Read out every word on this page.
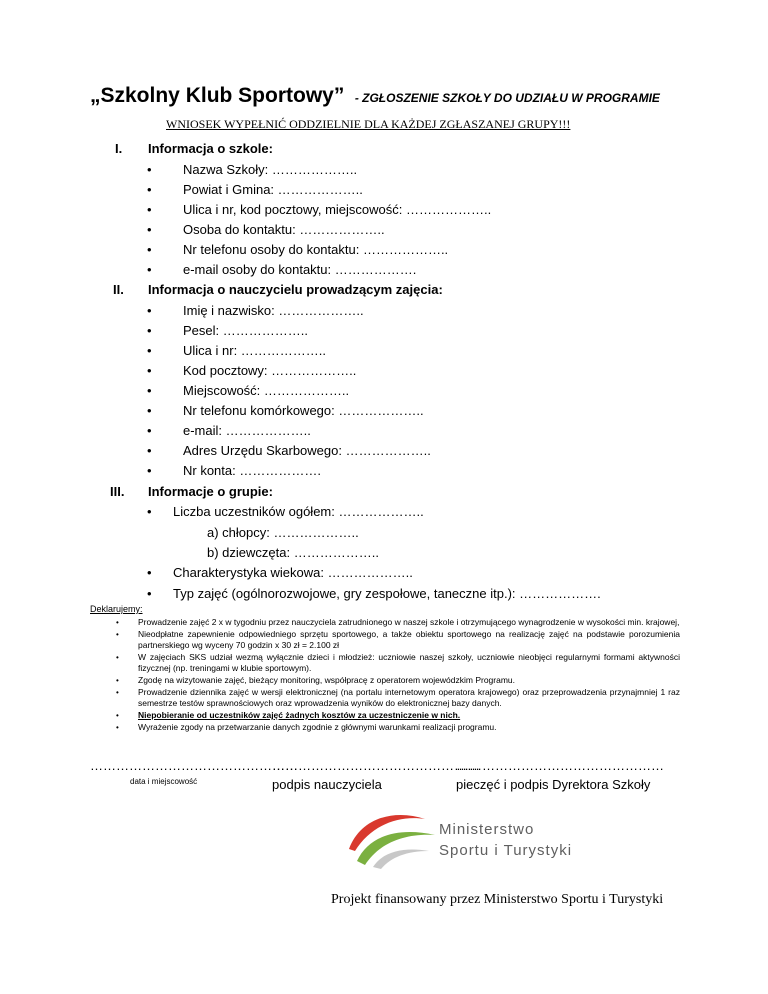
„Szkolny Klub Sportowy” - ZGŁOSZENIE SZKOŁY DO UDZIAŁU W PROGRAMIE
WNIOSEK WYPEŁNIĆ ODDZIELNIE DLA KAŻDEJ ZGŁASZANEJ GRUPY!!!
I. Informacja o szkole:
• Nazwa Szkoły: ………………..
• Powiat i Gmina: ………………..
• Ulica i nr, kod pocztowy, miejscowość: ………………..
• Osoba do kontaktu: ………………..
• Nr telefonu osoby do kontaktu: ………………..
• e-mail osoby do kontaktu: ……………….
II. Informacja o nauczycielu prowadzącym zajęcia:
• Imię i nazwisko: ………………..
• Pesel: ………………..
• Ulica i nr: ………………..
• Kod pocztowy: ………………..
• Miejscowość: ………………..
• Nr telefonu komórkowego: ………………..
• e-mail: ………………..
• Adres Urzędu Skarbowego: ………………..
• Nr konta: ……………….
III. Informacje o grupie:
• Liczba uczestników ogółem: ………………..
a) chłopcy: ………………..
b) dziewczęta: ………………..
• Charakterystyka wiekowa: ………………..
• Typ zajęć (ogólnorozwojowe, gry zespołowe, taneczne itp.): ……………….
Deklarujemy:
• Prowadzenie zajęć 2 x w tygodniu przez nauczyciela zatrudnionego w naszej szkole i otrzymującego wynagrodzenie w wysokości min. krajowej,
• Nieodpłatne zapewnienie odpowiedniego sprzętu sportowego, a także obiektu sportowego na realizację zajęć na podstawie porozumienia partnerskiego wg wyceny 70 godzin x 30 zł = 2.100 zł
• W zajęciach SKS udział wezmą wyłącznie dzieci i młodzież: uczniowie naszej szkoły, uczniowie nieobjęci regularnymi formami aktywności fizycznej (np. treningami w klubie sportowym).
• Zgodę na wizytowanie zajęć, bieżący monitoring, współpracę z operatorem wojewódzkim Programu.
• Prowadzenie dziennika zajęć w wersji elektronicznej (na portalu internetowym operatora krajowego) oraz przeprowadzenia przynajmniej 1 raz semestrze testów sprawnościowych oraz wprowadzenia wyników do elektronicznej bazy danych.
• Niepobieranie od uczestników zajęć żadnych kosztów za uczestniczenie w nich.
• Wyrażenie zgody na przetwarzanie danych zgodnie z głównymi warunkami realizacji programu.
…………………………………………
data i miejscowość
…………………………………………
podpis nauczyciela
…………………………………………
pieczęć i podpis Dyrektora Szkoły
Ministerstwo
Sportu i Turystyki
Projekt finansowany przez Ministerstwo Sportu i Turystyki
